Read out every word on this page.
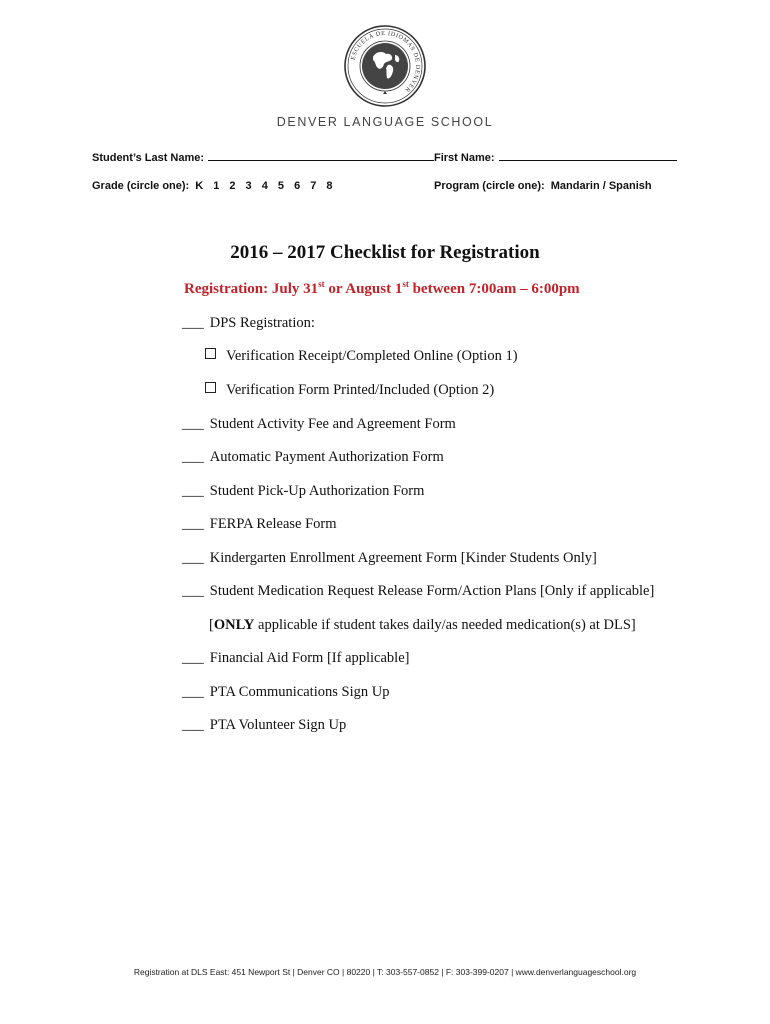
ESCUELA DE IDIOMAS DE DENVER
DENVER LANGUAGE SCHOOL
Student’s Last Name:	First Name:
Grade (circle one): K 1 2 3 4 5 6 7 8	Program (circle one): Mandarin / Spanish
2016 – 2017 Checklist for Registration
Registration: July 31st or August 1st between 7:00am – 6:00pm
___ DPS Registration:
Verification Receipt/Completed Online (Option 1)
Verification Form Printed/Included (Option 2)
___ Student Activity Fee and Agreement Form
___ Automatic Payment Authorization Form
___ Student Pick-Up Authorization Form
___ FERPA Release Form
___ Kindergarten Enrollment Agreement Form [Kinder Students Only]
___ Student Medication Request Release Form/Action Plans [Only if applicable]
[ONLY applicable if student takes daily/as needed medication(s) at DLS]
___ Financial Aid Form [If applicable]
___ PTA Communications Sign Up
___ PTA Volunteer Sign Up
Registration at DLS East: 451 Newport St | Denver CO | 80220 | T: 303-557-0852 | F: 303-399-0207 | www.denverlanguageschool.org
